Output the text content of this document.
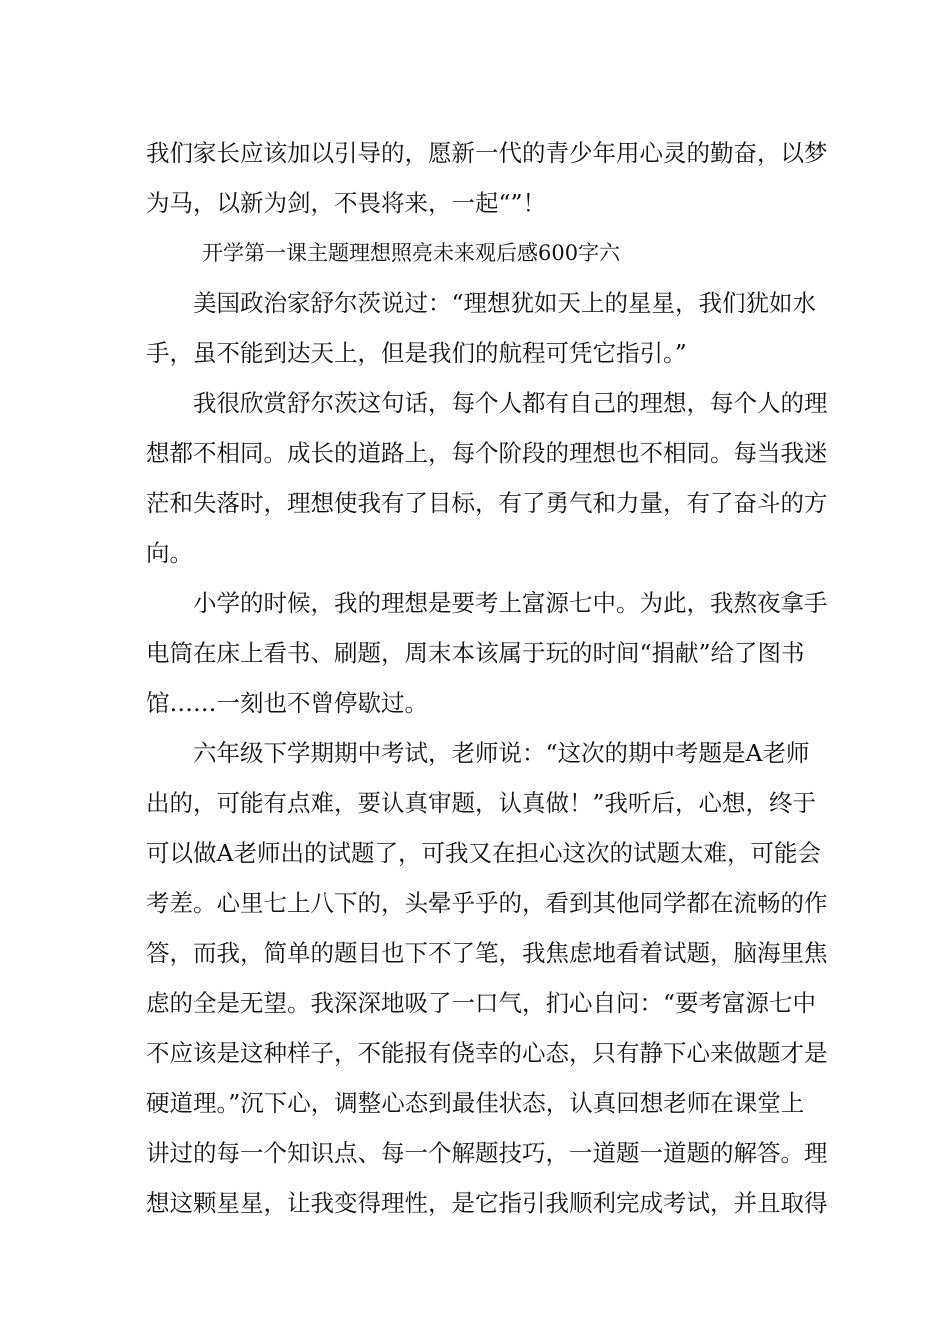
我们家长应该加以引导的，愿新一代的青少年用心灵的勤奋，以梦
为马，以新为剑，不畏将来，一起“”！
开学第一课主题理想照亮未来观后感600字六
美国政治家舒尔茨说过：“理想犹如天上的星星，我们犹如水
手，虽不能到达天上，但是我们的航程可凭它指引。”
我很欣赏舒尔茨这句话，每个人都有自己的理想，每个人的理
想都不相同。成长的道路上，每个阶段的理想也不相同。每当我迷
茫和失落时，理想使我有了目标，有了勇气和力量，有了奋斗的方
向。
小学的时候，我的理想是要考上富源七中。为此，我熬夜拿手
电筒在床上看书、刷题，周末本该属于玩的时间“捐献”给了图书
馆……一刻也不曾停歇过。
六年级下学期期中考试，老师说：“这次的期中考题是A老师
出的，可能有点难，要认真审题，认真做！”我听后，心想，终于
可以做A老师出的试题了，可我又在担心这次的试题太难，可能会
考差。心里七上八下的，头晕乎乎的，看到其他同学都在流畅的作
答，而我，简单的题目也下不了笔，我焦虑地看着试题，脑海里焦
虑的全是无望。我深深地吸了一口气，扪心自问：“要考富源七中
不应该是这种样子，不能报有侥幸的心态，只有静下心来做题才是
硬道理。”沉下心，调整心态到最佳状态，认真回想老师在课堂上
讲过的每一个知识点、每一个解题技巧，一道题一道题的解答。理
想这颗星星，让我变得理性，是它指引我顺利完成考试，并且取得
